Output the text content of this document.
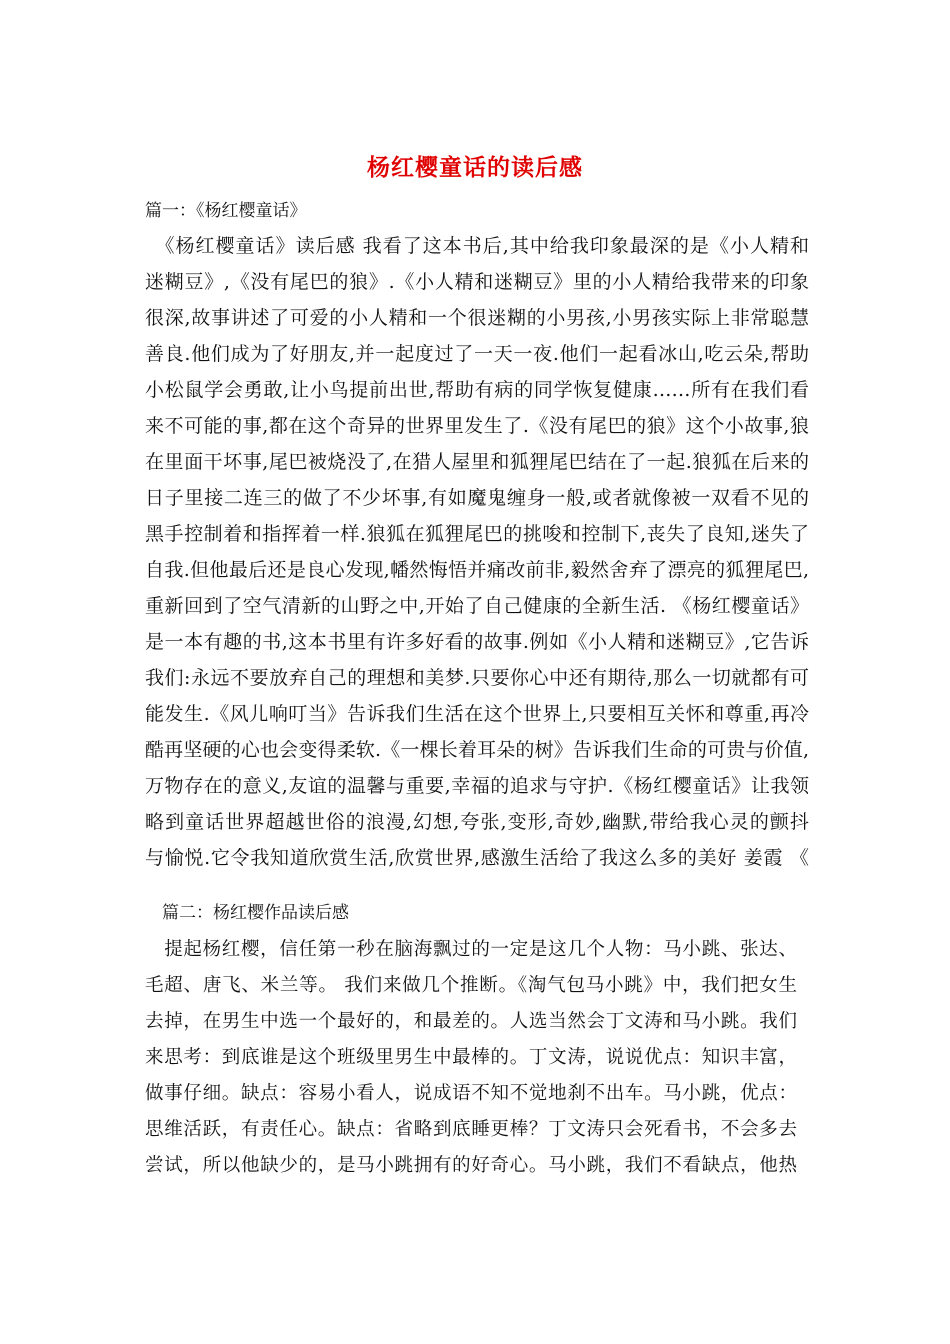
杨红樱童话的读后感
篇一：《杨红樱童话》
　《杨红樱童话》读后感 我看了这本书后,其中给我印象最深的是《小人精和
迷糊豆》,《没有尾巴的狼》.《小人精和迷糊豆》里的小人精给我带来的印象
很深,故事讲述了可爱的小人精和一个很迷糊的小男孩,小男孩实际上非常聪慧
善良.他们成为了好朋友,并一起度过了一天一夜.他们一起看冰山,吃云朵,帮助
小松鼠学会勇敢,让小鸟提前出世,帮助有病的同学恢复健康……所有在我们看
来不可能的事,都在这个奇异的世界里发生了.《没有尾巴的狼》这个小故事,狼
在里面干坏事,尾巴被烧没了,在猎人屋里和狐狸尾巴结在了一起.狼狐在后来的
日子里接二连三的做了不少坏事,有如魔鬼缠身一般,或者就像被一双看不见的
黑手控制着和指挥着一样.狼狐在狐狸尾巴的挑唆和控制下,丧失了良知,迷失了
自我.但他最后还是良心发现,幡然悔悟并痛改前非,毅然舍弃了漂亮的狐狸尾巴,
重新回到了空气清新的山野之中,开始了自己健康的全新生活. 《杨红樱童话》
是一本有趣的书,这本书里有许多好看的故事.例如《小人精和迷糊豆》,它告诉
我们:永远不要放弃自己的理想和美梦.只要你心中还有期待,那么一切就都有可
能发生.《风儿响叮当》告诉我们生活在这个世界上,只要相互关怀和尊重,再冷
酷再坚硬的心也会变得柔软.《一棵长着耳朵的树》告诉我们生命的可贵与价值,
万物存在的意义,友谊的温馨与重要,幸福的追求与守护.《杨红樱童话》让我领
略到童话世界超越世俗的浪漫,幻想,夸张,变形,奇妙,幽默,带给我心灵的颤抖
与愉悦.它令我知道欣赏生活,欣赏世界,感激生活给了我这么多的美好 姜霞 《
篇二：杨红樱作品读后感
　提起杨红樱，信任第一秒在脑海飘过的一定是这几个人物：马小跳、张达、
毛超、唐飞、米兰等。 我们来做几个推断。《淘气包马小跳》中，我们把女生
去掉，在男生中选一个最好的，和最差的。人选当然会丁文涛和马小跳。我们
来思考：到底谁是这个班级里男生中最棒的。丁文涛，说说优点：知识丰富，
做事仔细。缺点：容易小看人，说成语不知不觉地刹不出车。马小跳，优点：
思维活跃，有责任心。缺点：省略到底睡更棒？丁文涛只会死看书，不会多去
尝试，所以他缺少的，是马小跳拥有的好奇心。马小跳，我们不看缺点，他热
